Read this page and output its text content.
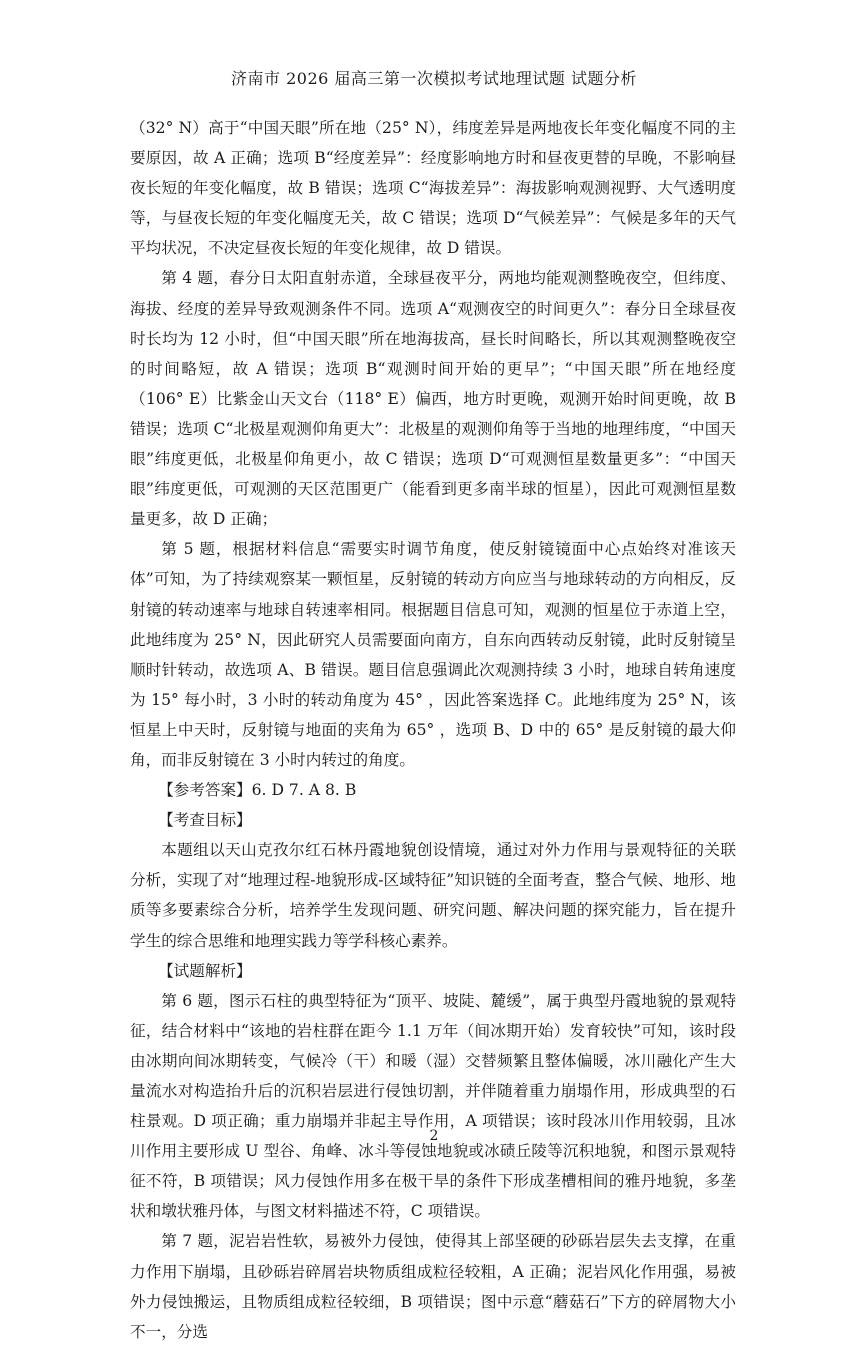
济南市 2026 届高三第一次模拟考试地理试题 试题分析

（32° N）高于“中国天眼”所在地（25° N），纬度差异是两地夜长年变化幅度不同的主要原因，故 A 正确；选项 B“经度差异”：经度影响地方时和昼夜更替的早晚，不影响昼夜长短的年变化幅度，故 B 错误；选项 C“海拔差异”：海拔影响观测视野、大气透明度等，与昼夜长短的年变化幅度无关，故 C 错误；选项 D“气候差异”：气候是多年的天气平均状况，不决定昼夜长短的年变化规律，故 D 错误。

第 4 题，春分日太阳直射赤道，全球昼夜平分，两地均能观测整晚夜空，但纬度、海拔、经度的差异导致观测条件不同。选项 A“观测夜空的时间更久”：春分日全球昼夜时长均为 12 小时，但“中国天眼”所在地海拔高，昼长时间略长，所以其观测整晚夜空的时间略短，故 A 错误；选项 B“观测时间开始的更早”；“中国天眼”所在地经度（106° E）比紫金山天文台（118° E）偏西，地方时更晚，观测开始时间更晚，故 B 错误；选项 C“北极星观测仰角更大”：北极星的观测仰角等于当地的地理纬度，“中国天眼”纬度更低，北极星仰角更小，故 C 错误；选项 D“可观测恒星数量更多”：“中国天眼”纬度更低，可观测的天区范围更广（能看到更多南半球的恒星），因此可观测恒星数量更多，故 D 正确；

第 5 题，根据材料信息“需要实时调节角度，使反射镜镜面中心点始终对准该天体”可知，为了持续观察某一颗恒星，反射镜的转动方向应当与地球转动的方向相反，反射镜的转动速率与地球自转速率相同。根据题目信息可知，观测的恒星位于赤道上空，此地纬度为 25° N，因此研究人员需要面向南方，自东向西转动反射镜，此时反射镜呈顺时针转动，故选项 A、B 错误。题目信息强调此次观测持续 3 小时，地球自转角速度为 15° 每小时，3 小时的转动角度为 45° ，因此答案选择 C。此地纬度为 25° N，该恒星上中天时，反射镜与地面的夹角为 65° ，选项 B、D 中的 65° 是反射镜的最大仰角，而非反射镜在 3 小时内转过的角度。

【参考答案】6. D 7. A 8. B

【考查目标】

本题组以天山克孜尔红石林丹霞地貌创设情境，通过对外力作用与景观特征的关联分析，实现了对“地理过程-地貌形成-区域特征”知识链的全面考查，整合气候、地形、地质等多要素综合分析，培养学生发现问题、研究问题、解决问题的探究能力，旨在提升学生的综合思维和地理实践力等学科核心素养。

【试题解析】

第 6 题，图示石柱的典型特征为“顶平、坡陡、麓缓”，属于典型丹霞地貌的景观特征，结合材料中“该地的岩柱群在距今 1.1 万年（间冰期开始）发育较快”可知，该时段由冰期向间冰期转变，气候冷（干）和暖（湿）交替频繁且整体偏暖，冰川融化产生大量流水对构造抬升后的沉积岩层进行侵蚀切割，并伴随着重力崩塌作用，形成典型的石柱景观。D 项正确；重力崩塌并非起主导作用，A 项错误；该时段冰川作用较弱，且冰川作用主要形成 U 型谷、角峰、冰斗等侵蚀地貌或冰碛丘陵等沉积地貌，和图示景观特征不符，B 项错误；风力侵蚀作用多在极干旱的条件下形成垄槽相间的雅丹地貌，多垄状和墩状雅丹体，与图文材料描述不符，C 项错误。

第 7 题，泥岩岩性软，易被外力侵蚀，使得其上部坚硬的砂砾岩层失去支撑，在重力作用下崩塌，且砂砾岩碎屑岩块物质组成粒径较粗，A 正确；泥岩风化作用强，易被外力侵蚀搬运，且物质组成粒径较细，B 项错误；图中示意“蘑菇石”下方的碎屑物大小不一，分选

2
